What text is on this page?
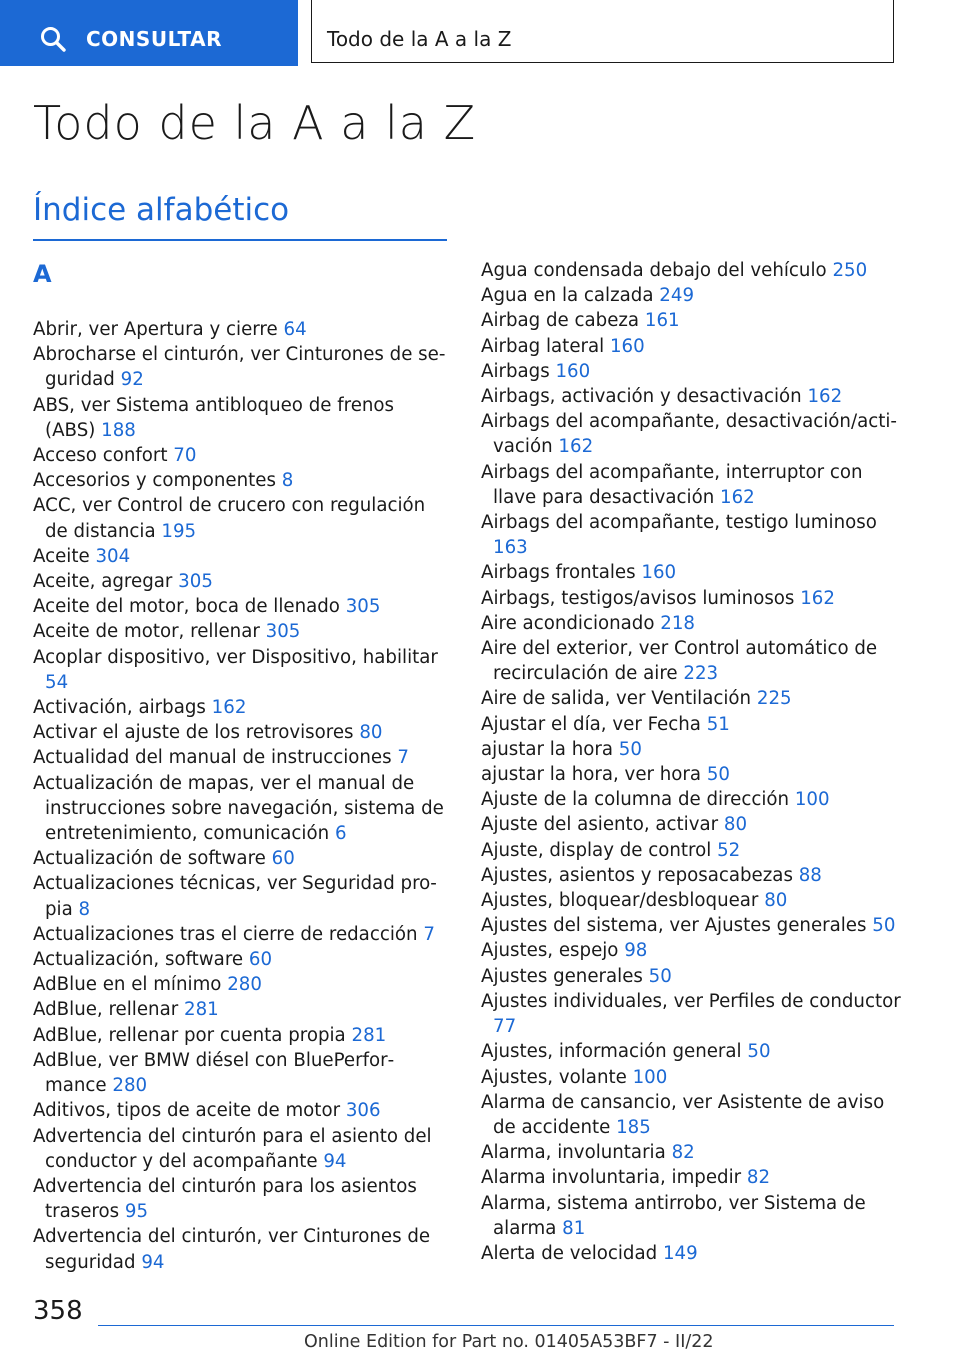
CONSULTAR	Todo de la A a la Z
Todo de la A a la Z
Índice alfabético
A
Abrir, ver Apertura y cierre 64
Abrocharse el cinturón, ver Cinturones de seguridad 92
ABS, ver Sistema antibloqueo de frenos (ABS) 188
Acceso confort 70
Accesorios y componentes 8
ACC, ver Control de crucero con regulación de distancia 195
Aceite 304
Aceite, agregar 305
Aceite del motor, boca de llenado 305
Aceite de motor, rellenar 305
Acoplar dispositivo, ver Dispositivo, habilitar 54
Activación, airbags 162
Activar el ajuste de los retrovisores 80
Actualidad del manual de instrucciones 7
Actualización de mapas, ver el manual de instrucciones sobre navegación, sistema de entretenimiento, comunicación 6
Actualización de software 60
Actualizaciones técnicas, ver Seguridad propia 8
Actualizaciones tras el cierre de redacción 7
Actualización, software 60
AdBlue en el mínimo 280
AdBlue, rellenar 281
AdBlue, rellenar por cuenta propia 281
AdBlue, ver BMW diésel con BluePerformance 280
Aditivos, tipos de aceite de motor 306
Advertencia del cinturón para el asiento del conductor y del acompañante 94
Advertencia del cinturón para los asientos traseros 95
Advertencia del cinturón, ver Cinturones de seguridad 94
Agua condensada debajo del vehículo 250
Agua en la calzada 249
Airbag de cabeza 161
Airbag lateral 160
Airbags 160
Airbags, activación y desactivación 162
Airbags del acompañante, desactivación/activación 162
Airbags del acompañante, interruptor con llave para desactivación 162
Airbags del acompañante, testigo luminoso 163
Airbags frontales 160
Airbags, testigos/avisos luminosos 162
Aire acondicionado 218
Aire del exterior, ver Control automático de recirculación de aire 223
Aire de salida, ver Ventilación 225
Ajustar el día, ver Fecha 51
ajustar la hora 50
ajustar la hora, ver hora 50
Ajuste de la columna de dirección 100
Ajuste del asiento, activar 80
Ajuste, display de control 52
Ajustes, asientos y reposacabezas 88
Ajustes, bloquear/desbloquear 80
Ajustes del sistema, ver Ajustes generales 50
Ajustes, espejo 98
Ajustes generales 50
Ajustes individuales, ver Perfiles de conductor 77
Ajustes, información general 50
Ajustes, volante 100
Alarma de cansancio, ver Asistente de aviso de accidente 185
Alarma, involuntaria 82
Alarma involuntaria, impedir 82
Alarma, sistema antirrobo, ver Sistema de alarma 81
Alerta de velocidad 149
358
Online Edition for Part no. 01405A53BF7 - II/22
